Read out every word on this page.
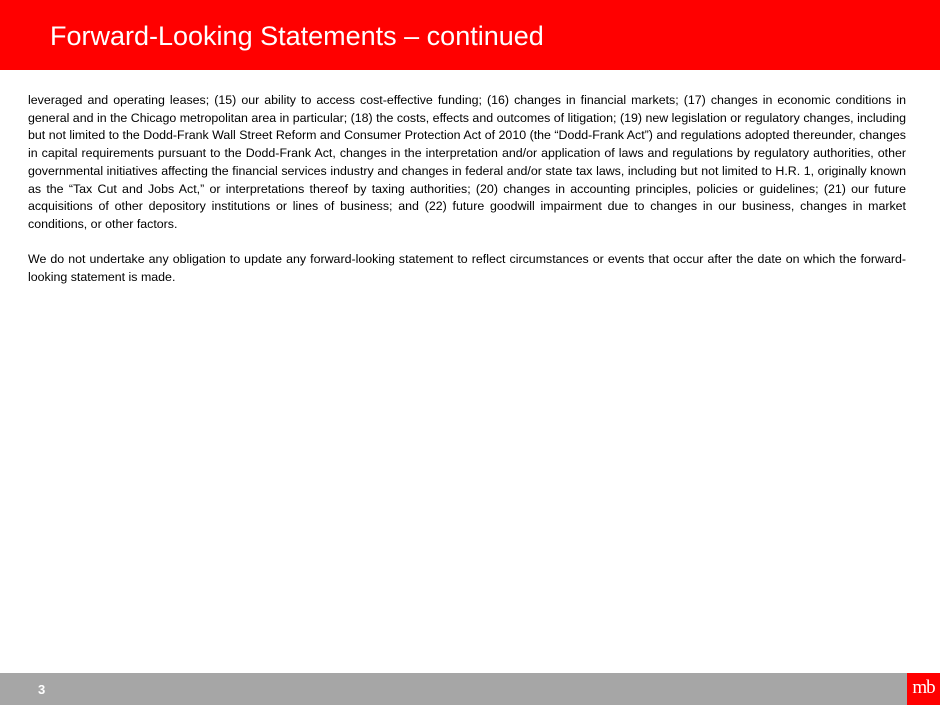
Forward-Looking Statements – continued

leveraged and operating leases; (15) our ability to access cost-effective funding; (16) changes in financial markets; (17) changes in economic conditions in general and in the Chicago metropolitan area in particular; (18) the costs, effects and outcomes of litigation; (19) new legislation or regulatory changes, including but not limited to the Dodd-Frank Wall Street Reform and Consumer Protection Act of 2010 (the “Dodd-Frank Act”) and regulations adopted thereunder, changes in capital requirements pursuant to the Dodd-Frank Act, changes in the interpretation and/or application of laws and regulations by regulatory authorities, other governmental initiatives affecting the financial services industry and changes in federal and/or state tax laws, including but not limited to H.R. 1, originally known as the “Tax Cut and Jobs Act,” or interpretations thereof by taxing authorities; (20) changes in accounting principles, policies or guidelines; (21) our future acquisitions of other depository institutions or lines of business; and (22) future goodwill impairment due to changes in our business, changes in market conditions, or other factors.

We do not undertake any obligation to update any forward-looking statement to reflect circumstances or events that occur after the date on which the forward-looking statement is made.

3	mb
